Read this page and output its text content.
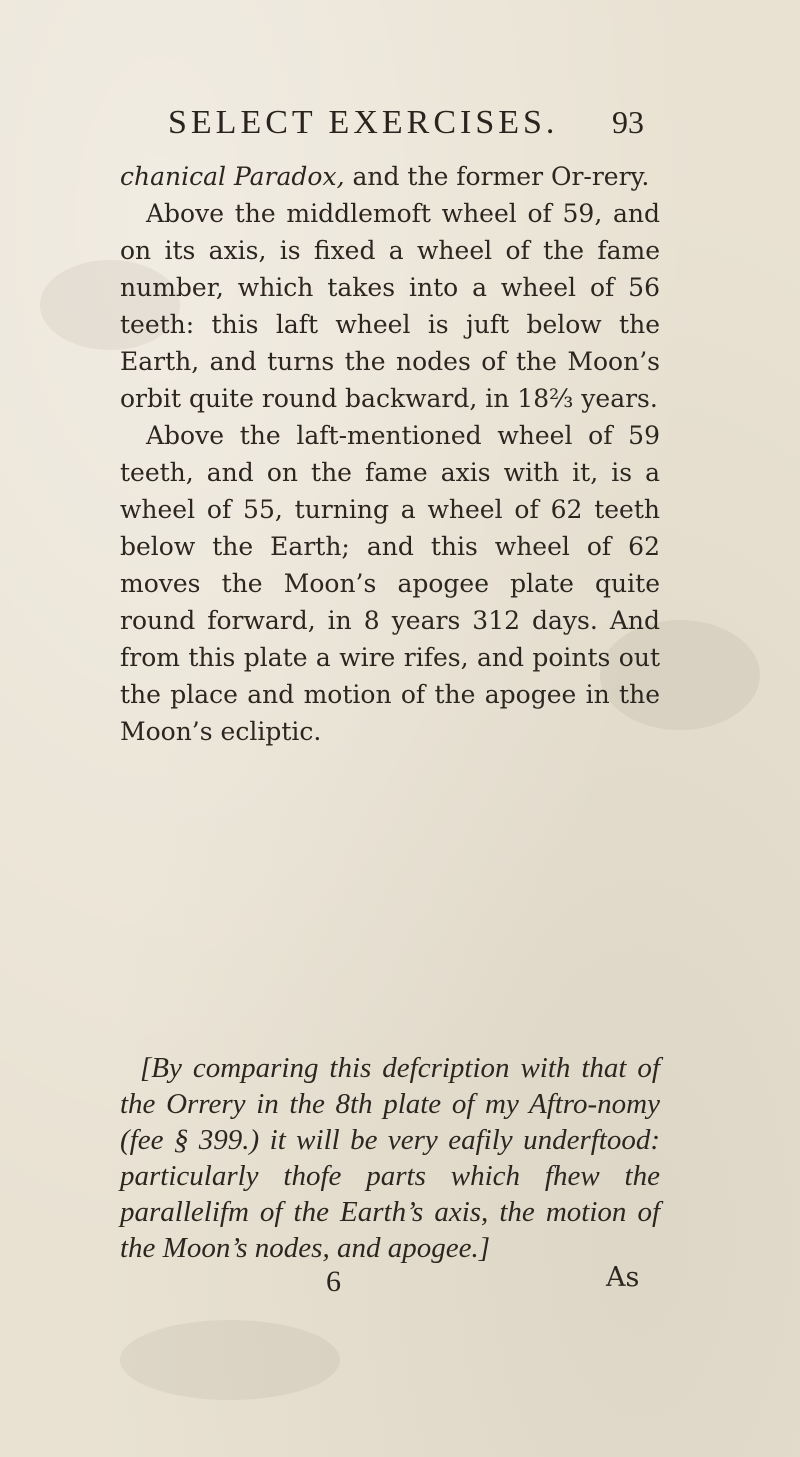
SELECT EXERCISES. 93

chanical Paradox, and the former Or-rery.

Above the middlemoft wheel of 59, and on its axis, is fixed a wheel of the fame number, which takes into a wheel of 56 teeth: this laft wheel is juft below the Earth, and turns the nodes of the Moon’s orbit quite round backward, in 18⅔ years.

Above the laft-mentioned wheel of 59 teeth, and on the fame axis with it, is a wheel of 55, turning a wheel of 62 teeth below the Earth; and this wheel of 62 moves the Moon’s apogee plate quite round forward, in 8 years 312 days. And from this plate a wire rifes, and points out the place and motion of the apogee in the Moon’s ecliptic.

[By comparing this defcription with that of the Orrery in the 8th plate of my Aftro-nomy (fee § 399.) it will be very eafily underftood: particularly thofe parts which fhew the parallelifm of the Earth’s axis, the motion of the Moon’s nodes, and apogee.]
6	As
